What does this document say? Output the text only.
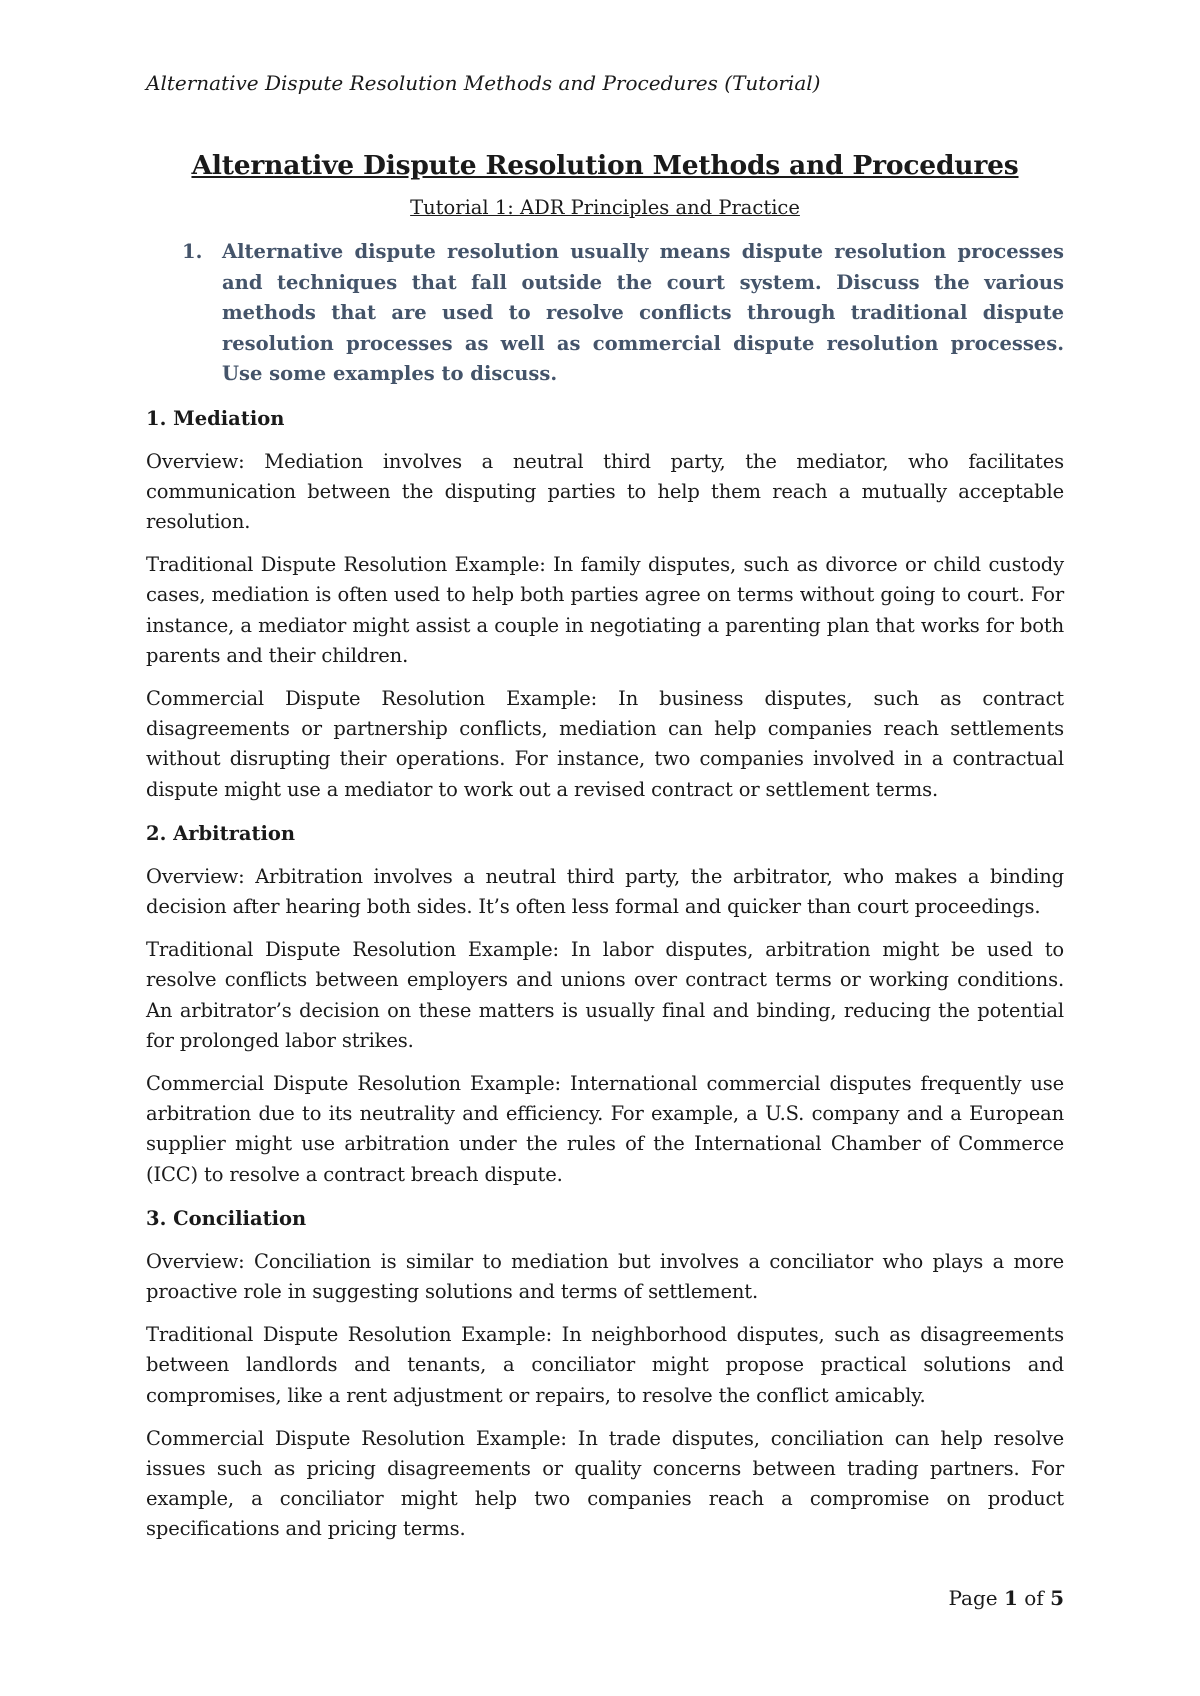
Alternative Dispute Resolution Methods and Procedures (Tutorial)
Alternative Dispute Resolution Methods and Procedures
Tutorial 1: ADR Principles and Practice
1.	Alternative dispute resolution usually means dispute resolution processes and techniques that fall outside the court system. Discuss the various methods that are used to resolve conflicts through traditional dispute resolution processes as well as commercial dispute resolution processes. Use some examples to discuss.
1. Mediation

Overview: Mediation involves a neutral third party, the mediator, who facilitates communication between the disputing parties to help them reach a mutually acceptable resolution.

Traditional Dispute Resolution Example: In family disputes, such as divorce or child custody cases, mediation is often used to help both parties agree on terms without going to court. For instance, a mediator might assist a couple in negotiating a parenting plan that works for both parents and their children.

Commercial Dispute Resolution Example: In business disputes, such as contract disagreements or partnership conflicts, mediation can help companies reach settlements without disrupting their operations. For instance, two companies involved in a contractual dispute might use a mediator to work out a revised contract or settlement terms.

2. Arbitration

Overview: Arbitration involves a neutral third party, the arbitrator, who makes a binding decision after hearing both sides. It’s often less formal and quicker than court proceedings.

Traditional Dispute Resolution Example: In labor disputes, arbitration might be used to resolve conflicts between employers and unions over contract terms or working conditions. An arbitrator’s decision on these matters is usually final and binding, reducing the potential for prolonged labor strikes.

Commercial Dispute Resolution Example: International commercial disputes frequently use arbitration due to its neutrality and efficiency. For example, a U.S. company and a European supplier might use arbitration under the rules of the International Chamber of Commerce (ICC) to resolve a contract breach dispute.

3. Conciliation

Overview: Conciliation is similar to mediation but involves a conciliator who plays a more proactive role in suggesting solutions and terms of settlement.

Traditional Dispute Resolution Example: In neighborhood disputes, such as disagreements between landlords and tenants, a conciliator might propose practical solutions and compromises, like a rent adjustment or repairs, to resolve the conflict amicably.

Commercial Dispute Resolution Example: In trade disputes, conciliation can help resolve issues such as pricing disagreements or quality concerns between trading partners. For example, a conciliator might help two companies reach a compromise on product specifications and pricing terms.

Page 1 of 5
